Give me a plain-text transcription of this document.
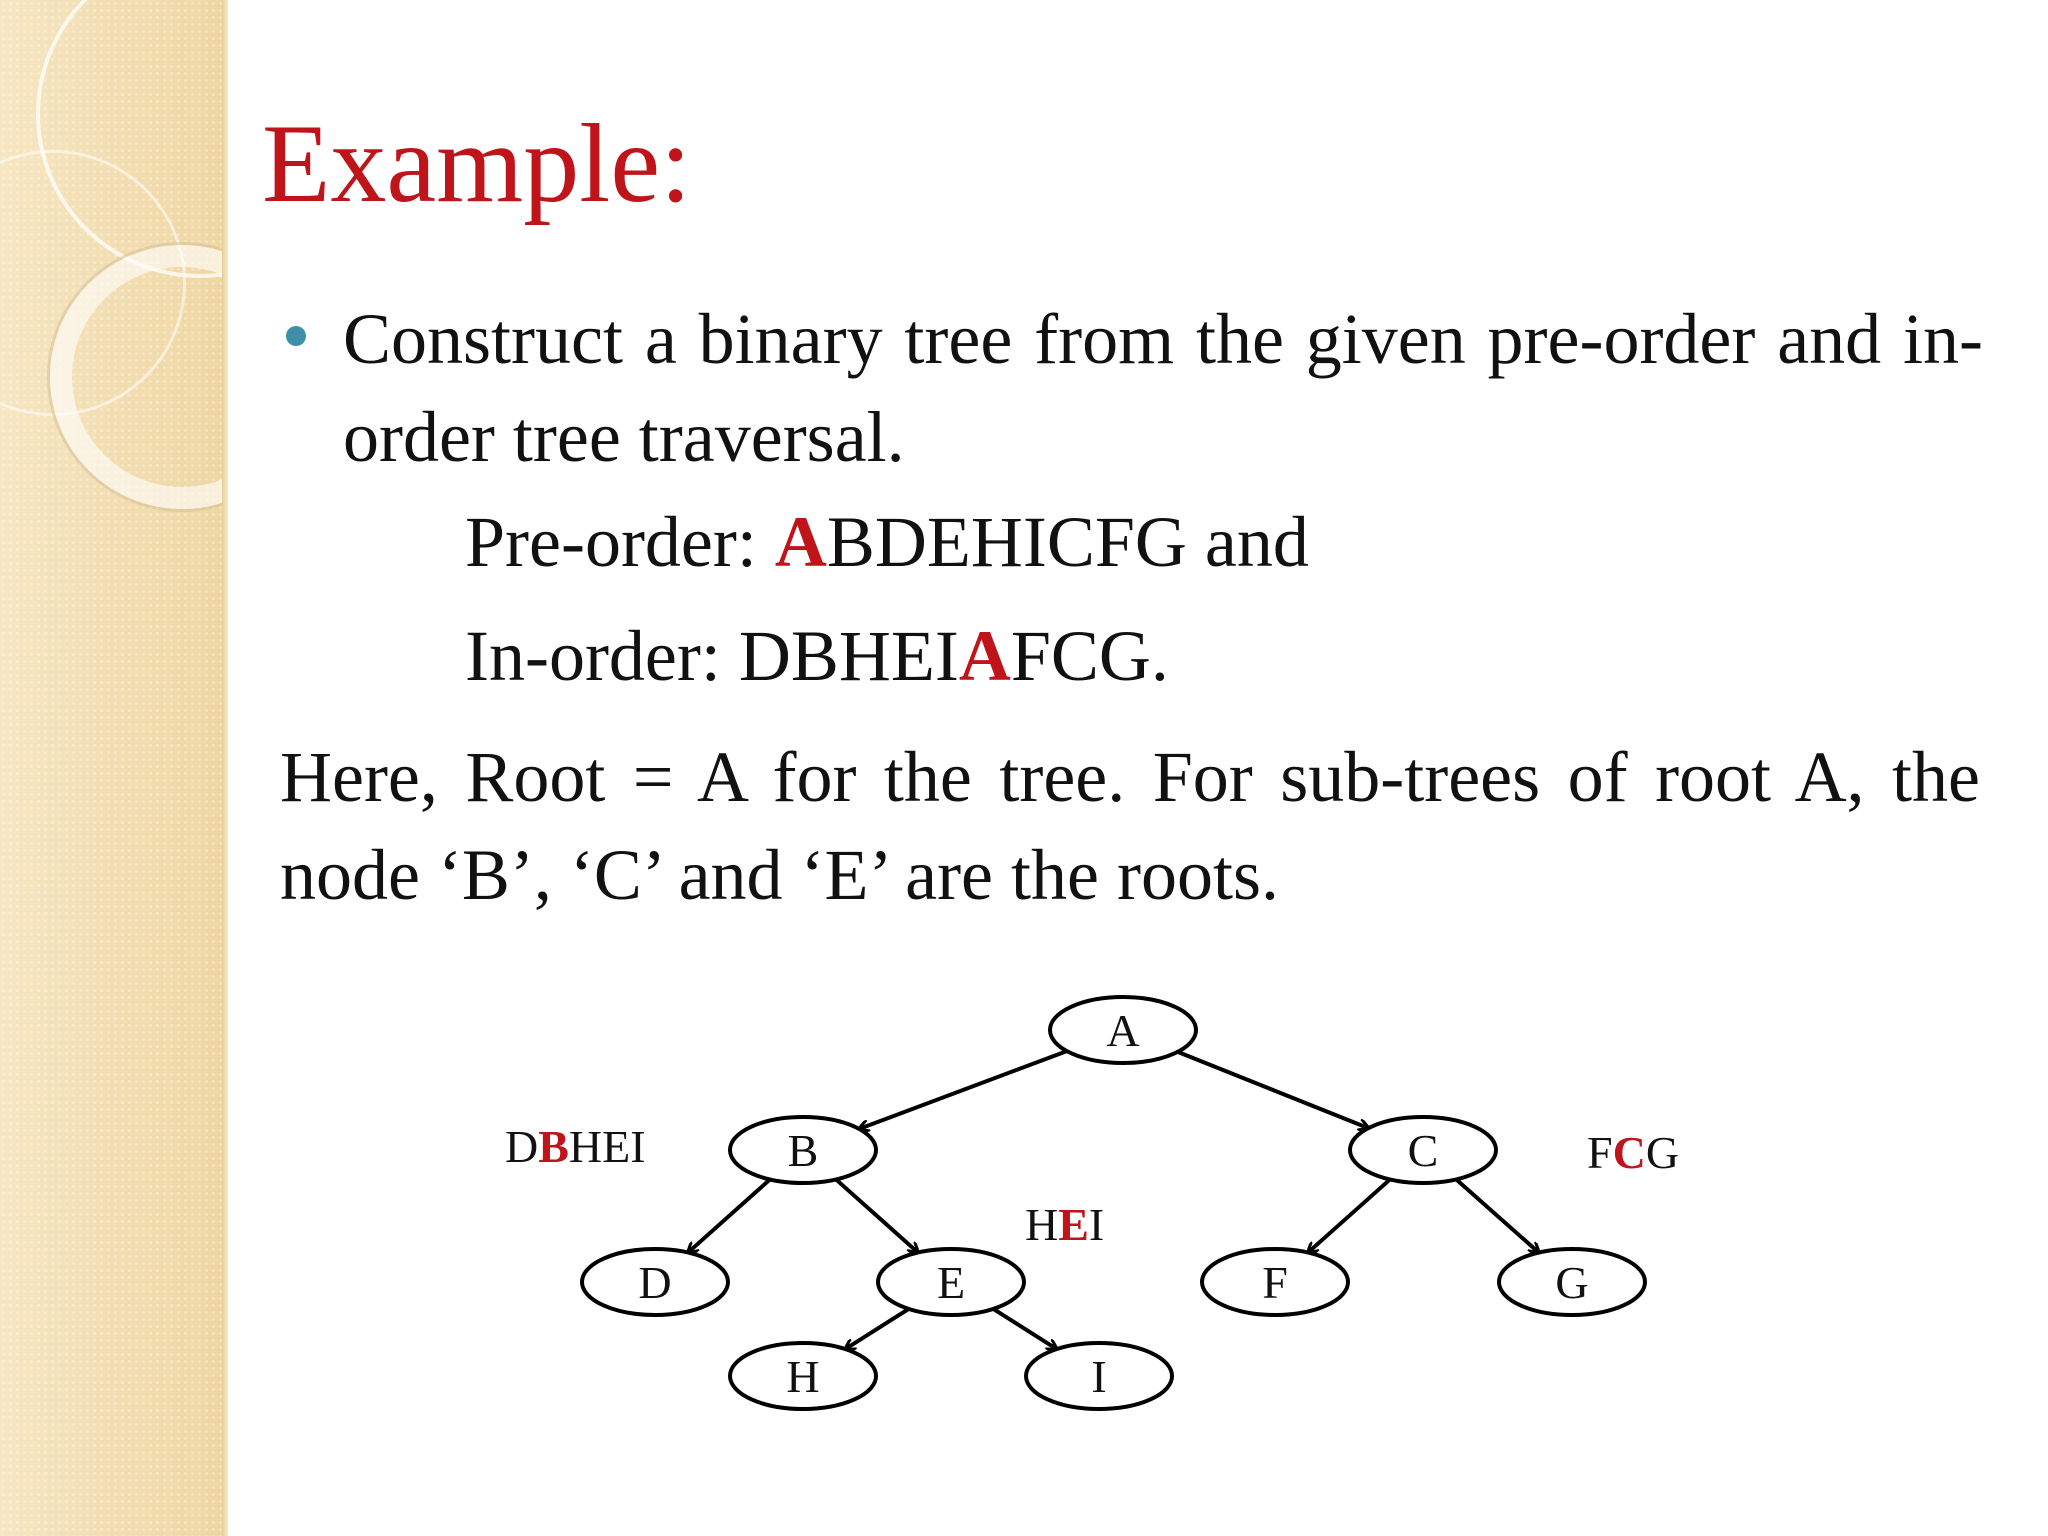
Example:

Construct a binary tree from the given pre-order and in-order tree traversal.

Pre-order: ABDEHICFG and
In-order: DBHEIAFCG.

Here, Root = A for the tree. For sub-trees of root A, the node ‘B’, ‘C’ and ‘E’ are the roots.

A
B	C
D	E	F	G
H	I
DBHEI	FCG
HEI
